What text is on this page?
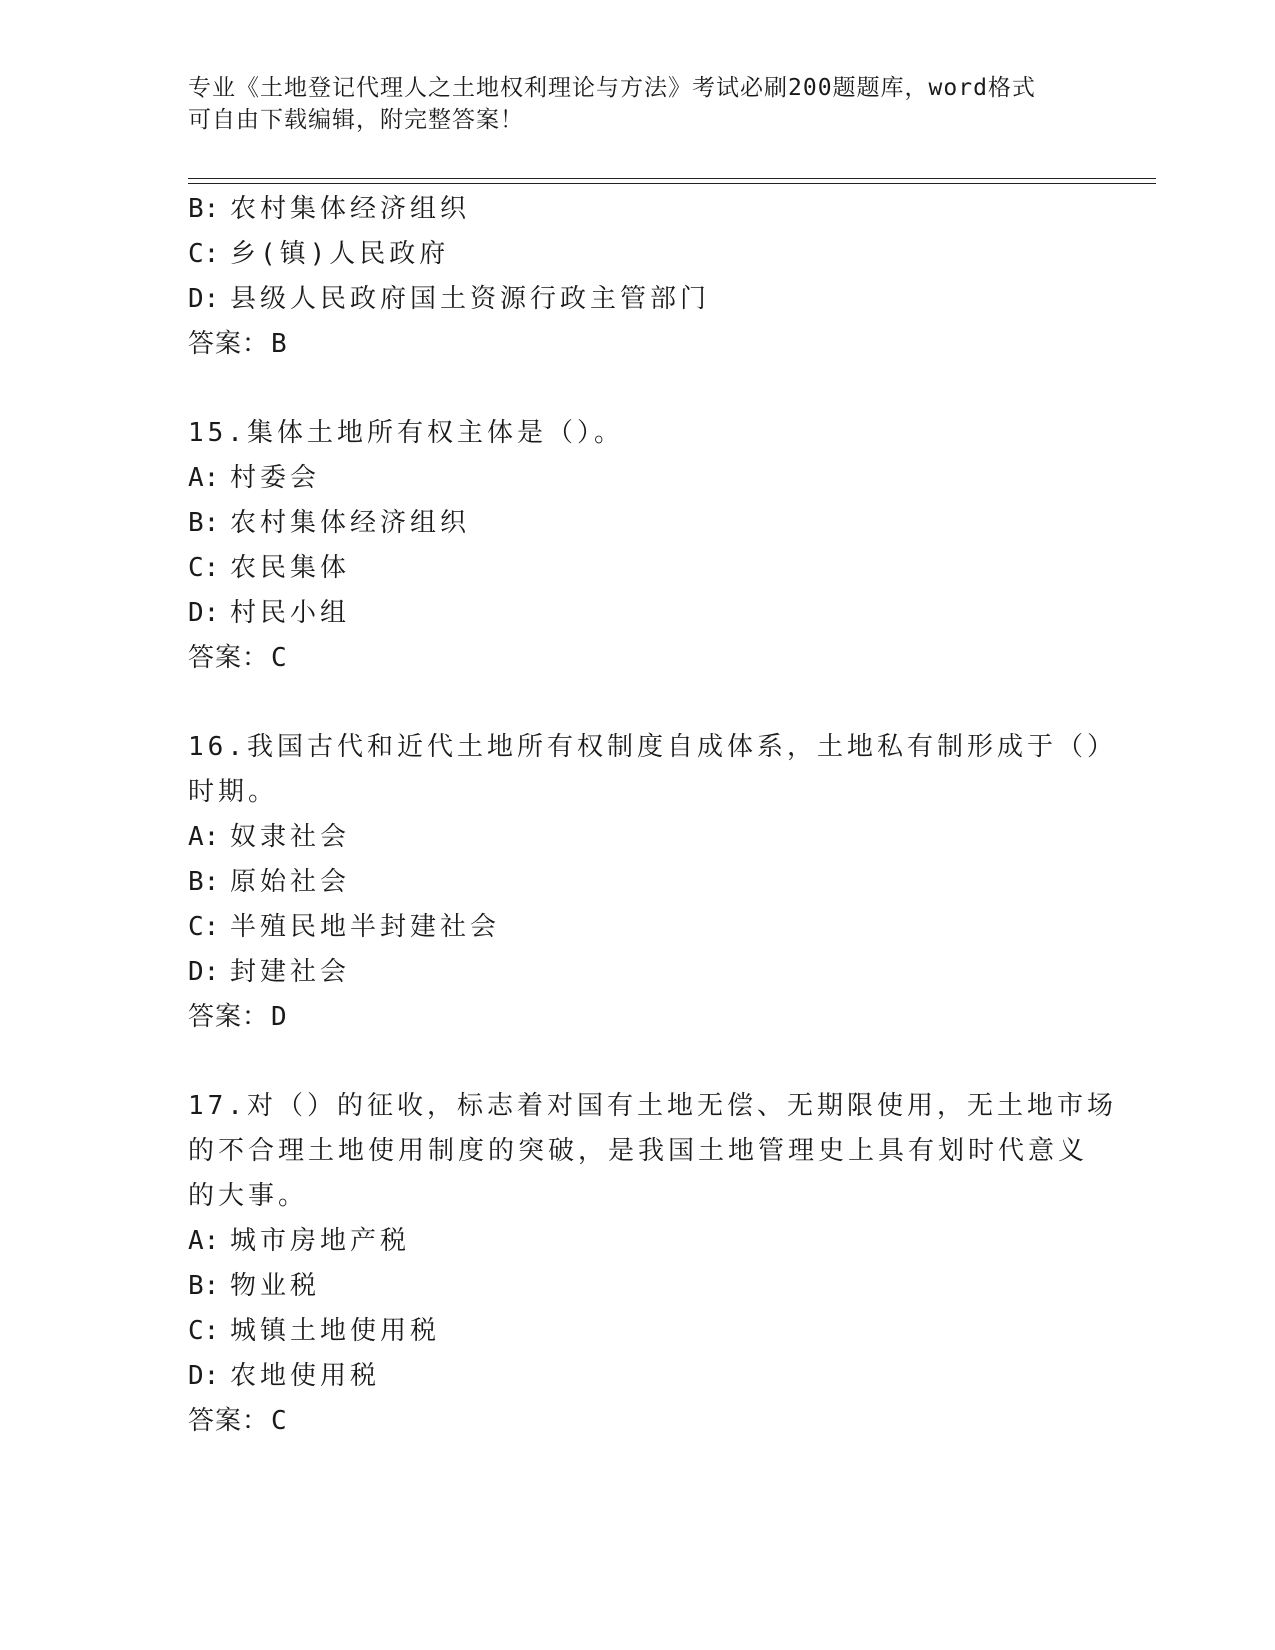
专业《土地登记代理人之土地权利理论与方法》考试必刷200题题库，word格式
可自由下载编辑，附完整答案！
B: 农村集体经济组织
C: 乡(镇)人民政府
D: 县级人民政府国土资源行政主管部门
答案：B
15.集体土地所有权主体是（）。
A: 村委会
B: 农村集体经济组织
C: 农民集体
D: 村民小组
答案：C
16.我国古代和近代土地所有权制度自成体系，土地私有制形成于（）
时期。
A: 奴隶社会
B: 原始社会
C: 半殖民地半封建社会
D: 封建社会
答案：D
17.对（）的征收，标志着对国有土地无偿、无期限使用，无土地市场
的不合理土地使用制度的突破，是我国土地管理史上具有划时代意义
的大事。
A: 城市房地产税
B: 物业税
C: 城镇土地使用税
D: 农地使用税
答案：C
